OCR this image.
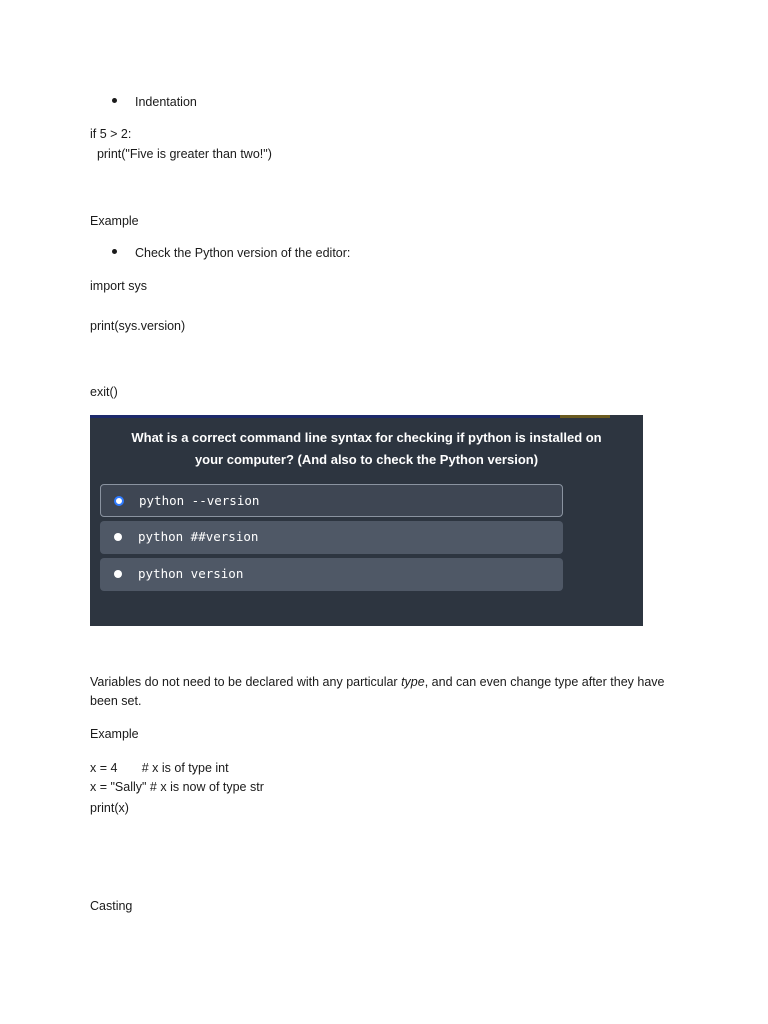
Indentation
if 5 > 2:
print("Five is greater than two!")
Example
Check the Python version of the editor:
import sys
print(sys.version)
exit()
What is a correct command line syntax for checking if python is installed on
your computer? (And also to check the Python version)
python --version
python ##version
python version
Variables do not need to be declared with any particular type, and can even change type after they have
been set.
Example
x = 4       # x is of type int
x = "Sally" # x is now of type str
print(x)
Casting
